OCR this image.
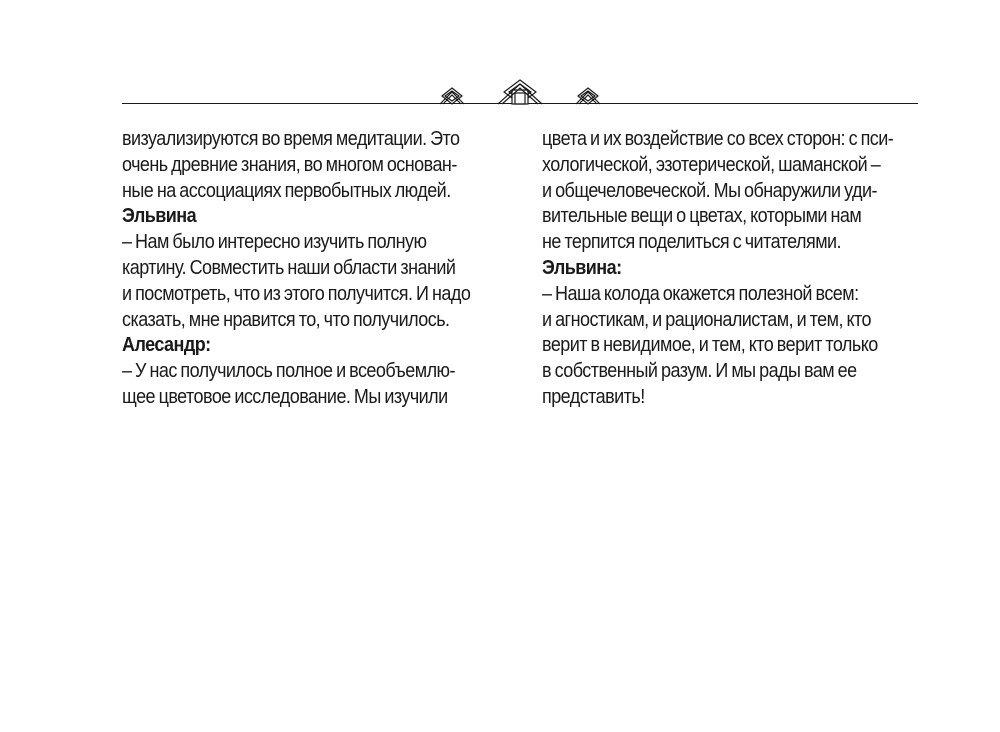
визуализируются во время медитации. Это
очень древние знания, во многом основан-
ные на ассоциациях первобытных людей.
Эльвина
– Нам было интересно изучить полную
картину. Совместить наши области знаний
и посмотреть, что из этого получится. И надо
сказать, мне нравится то, что получилось.
Алесандр:
– У нас получилось полное и всеобъемлю-
щее цветовое исследование. Мы изучили
цвета и их воздействие со всех сторон: с пси-
хологической, эзотерической, шаманской –
и общечеловеческой. Мы обнаружили уди-
вительные вещи о цветах, которыми нам
не терпится поделиться с читателями.
Эльвина:
– Наша колода окажется полезной всем:
и агностикам, и рационалистам, и тем, кто
верит в невидимое, и тем, кто верит только
в собственный разум. И мы рады вам ее
представить!
